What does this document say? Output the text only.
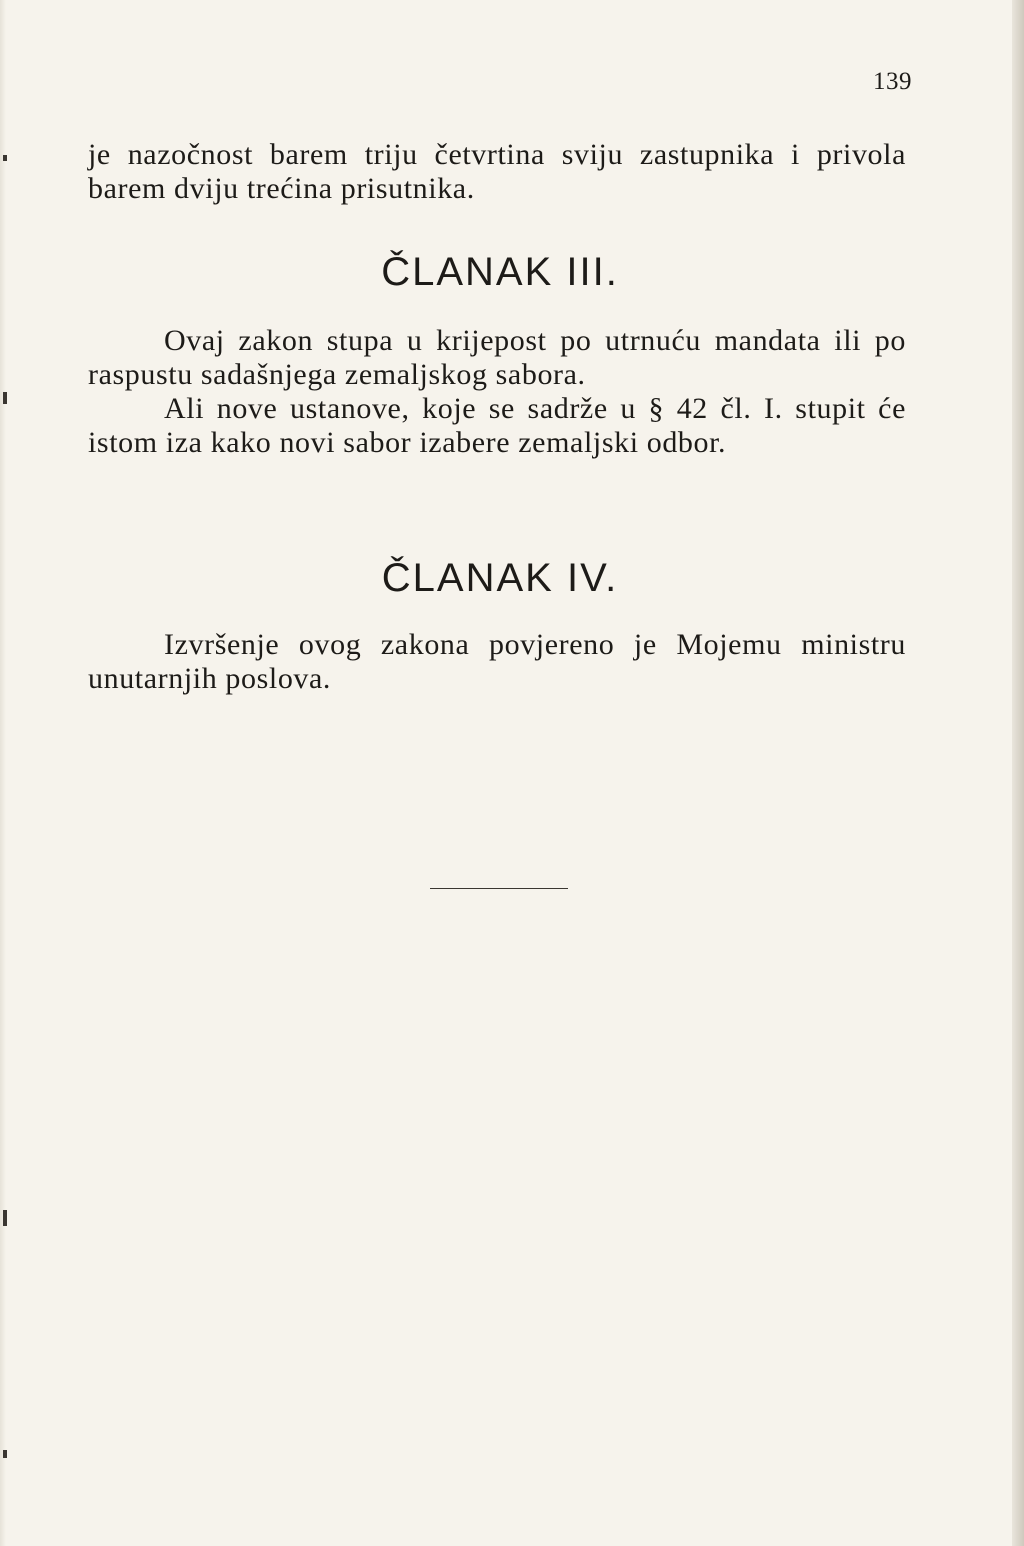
139

je nazočnost barem triju četvrtina sviju zastupnika i privola barem dviju trećina prisutnika.

ČLANAK III.

Ovaj zakon stupa u krijepost po utrnuću mandata ili po raspustu sadašnjega zemaljskog sabora.

Ali nove ustanove, koje se sadrže u § 42 čl. I. stupit će istom iza kako novi sabor izabere zemaljski odbor.

ČLANAK IV.

Izvršenje ovog zakona povjereno je Mojemu ministru unutarnjih poslova.
